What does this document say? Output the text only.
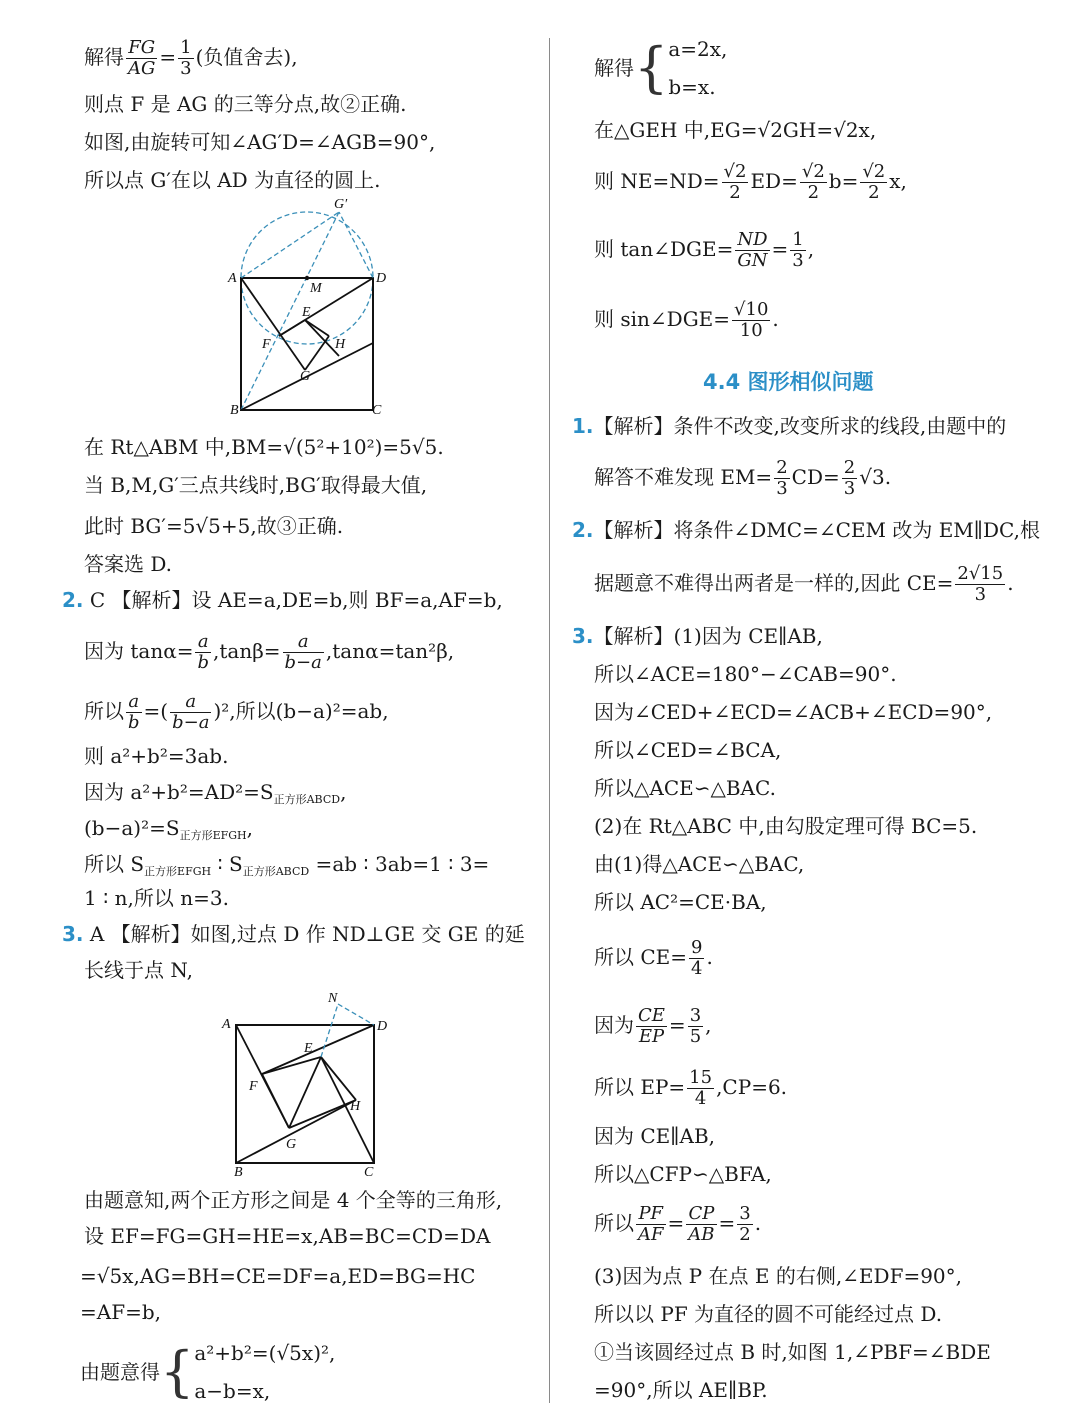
解得 $\frac{FG}{AG} = \frac{1}{3}$ (负值舍去),
则点 F 是 AG 的三等分点,故②正确.
如图,由旋转可知∠AG′D=∠AGB=90°,
所以点 G′在以 AD 为直径的圆上.
G′
A	D
M
E
F	H
G
B	C
在 Rt△ABM 中,BM=√(5²+10²)=5√5.
当 B,M,G′三点共线时,BG′取得最大值,
此时 BG′=5√5+5,故③正确.
答案选 D.
2. C 【解析】设 AE=a,DE=b,则 BF=a,AF=b,
因为 $\tan\alpha= \frac{a}{b} ,\tan\beta= \frac{a}{b-a} ,\tan\alpha=\tan^2\beta$,
所以 $\frac{a}{b}$ =( $\frac{a}{b-a} )^2$,所以(b−a)²=ab,
则 a²+b²=3ab.
因为 $a^2+b^2=AD^2=S_{正方形ABCD}$,
$(b-a)^2=S_{正方形EFGH}$,
所以 $S_{正方形EFGH}$ ∶ $S_{正方形ABCD} =ab$ ∶ 3ab=1 ∶ 3=
1 ∶ n,所以 n=3.
3. A 【解析】如图,过点 D 作 ND⊥GE 交 GE 的延
长线于点 N,
N
A	D
E
F
H
G
B	C
由题意知,两个正方形之间是 4 个全等的三角形,
设 EF=FG=GH=HE=x,AB=BC=CD=DA
=√5x,AG=BH=CE=DF=a,ED=BG=HC
=AF=b,
由题意得{ a²+b²=(√5x)²,
a−b=x,
解得{ a=2x,
b=x.
在△GEH 中,EG=√2GH=√2x,
则 $NE=ND= \frac{√2}{2} ED= \frac{√2}{2} b= \frac{√2}{2} x$,
则 tan∠DGE= $\frac{ND}{GN} = \frac{1}{3}$ ,
则 sin∠DGE= $\frac{√10}{10}$ .
4.4 图形相似问题
1.【解析】条件不改变,改变所求的线段,由题中的
解答不难发现 $EM= \frac{2}{3} CD= \frac{2}{3} √3$.
2.【解析】将条件∠DMC=∠CEM 改为 EM∥DC,根
据题意不难得出两者是一样的,因此 $CE= \frac{2√15}{3}$ .
3.【解析】(1)因为 CE∥AB,
所以∠ACE=180°−∠CAB=90°.
因为∠CED+∠ECD=∠ACB+∠ECD=90°,
所以∠CED=∠BCA,
所以△ACE∽△BAC.
(2)在 Rt△ABC 中,由勾股定理可得 BC=5.
由(1)得△ACE∽△BAC,
所以 AC²=CE·BA,
所以 $CE= \frac{9}{4}$ .
因为 $\frac{CE}{EP} = \frac{3}{5}$ ,
所以 $EP= \frac{15}{4} ,CP=6$.
因为 CE∥AB,
所以△CFP∽△BFA,
所以 $\frac{PF}{AF} = \frac{CP}{AB} = \frac{3}{2}$ .
(3)因为点 P 在点 E 的右侧,∠EDF=90°,
所以以 PF 为直径的圆不可能经过点 D.
①当该圆经过点 B 时,如图 1,∠PBF=∠BDE
=90°,所以 AE∥BP.
